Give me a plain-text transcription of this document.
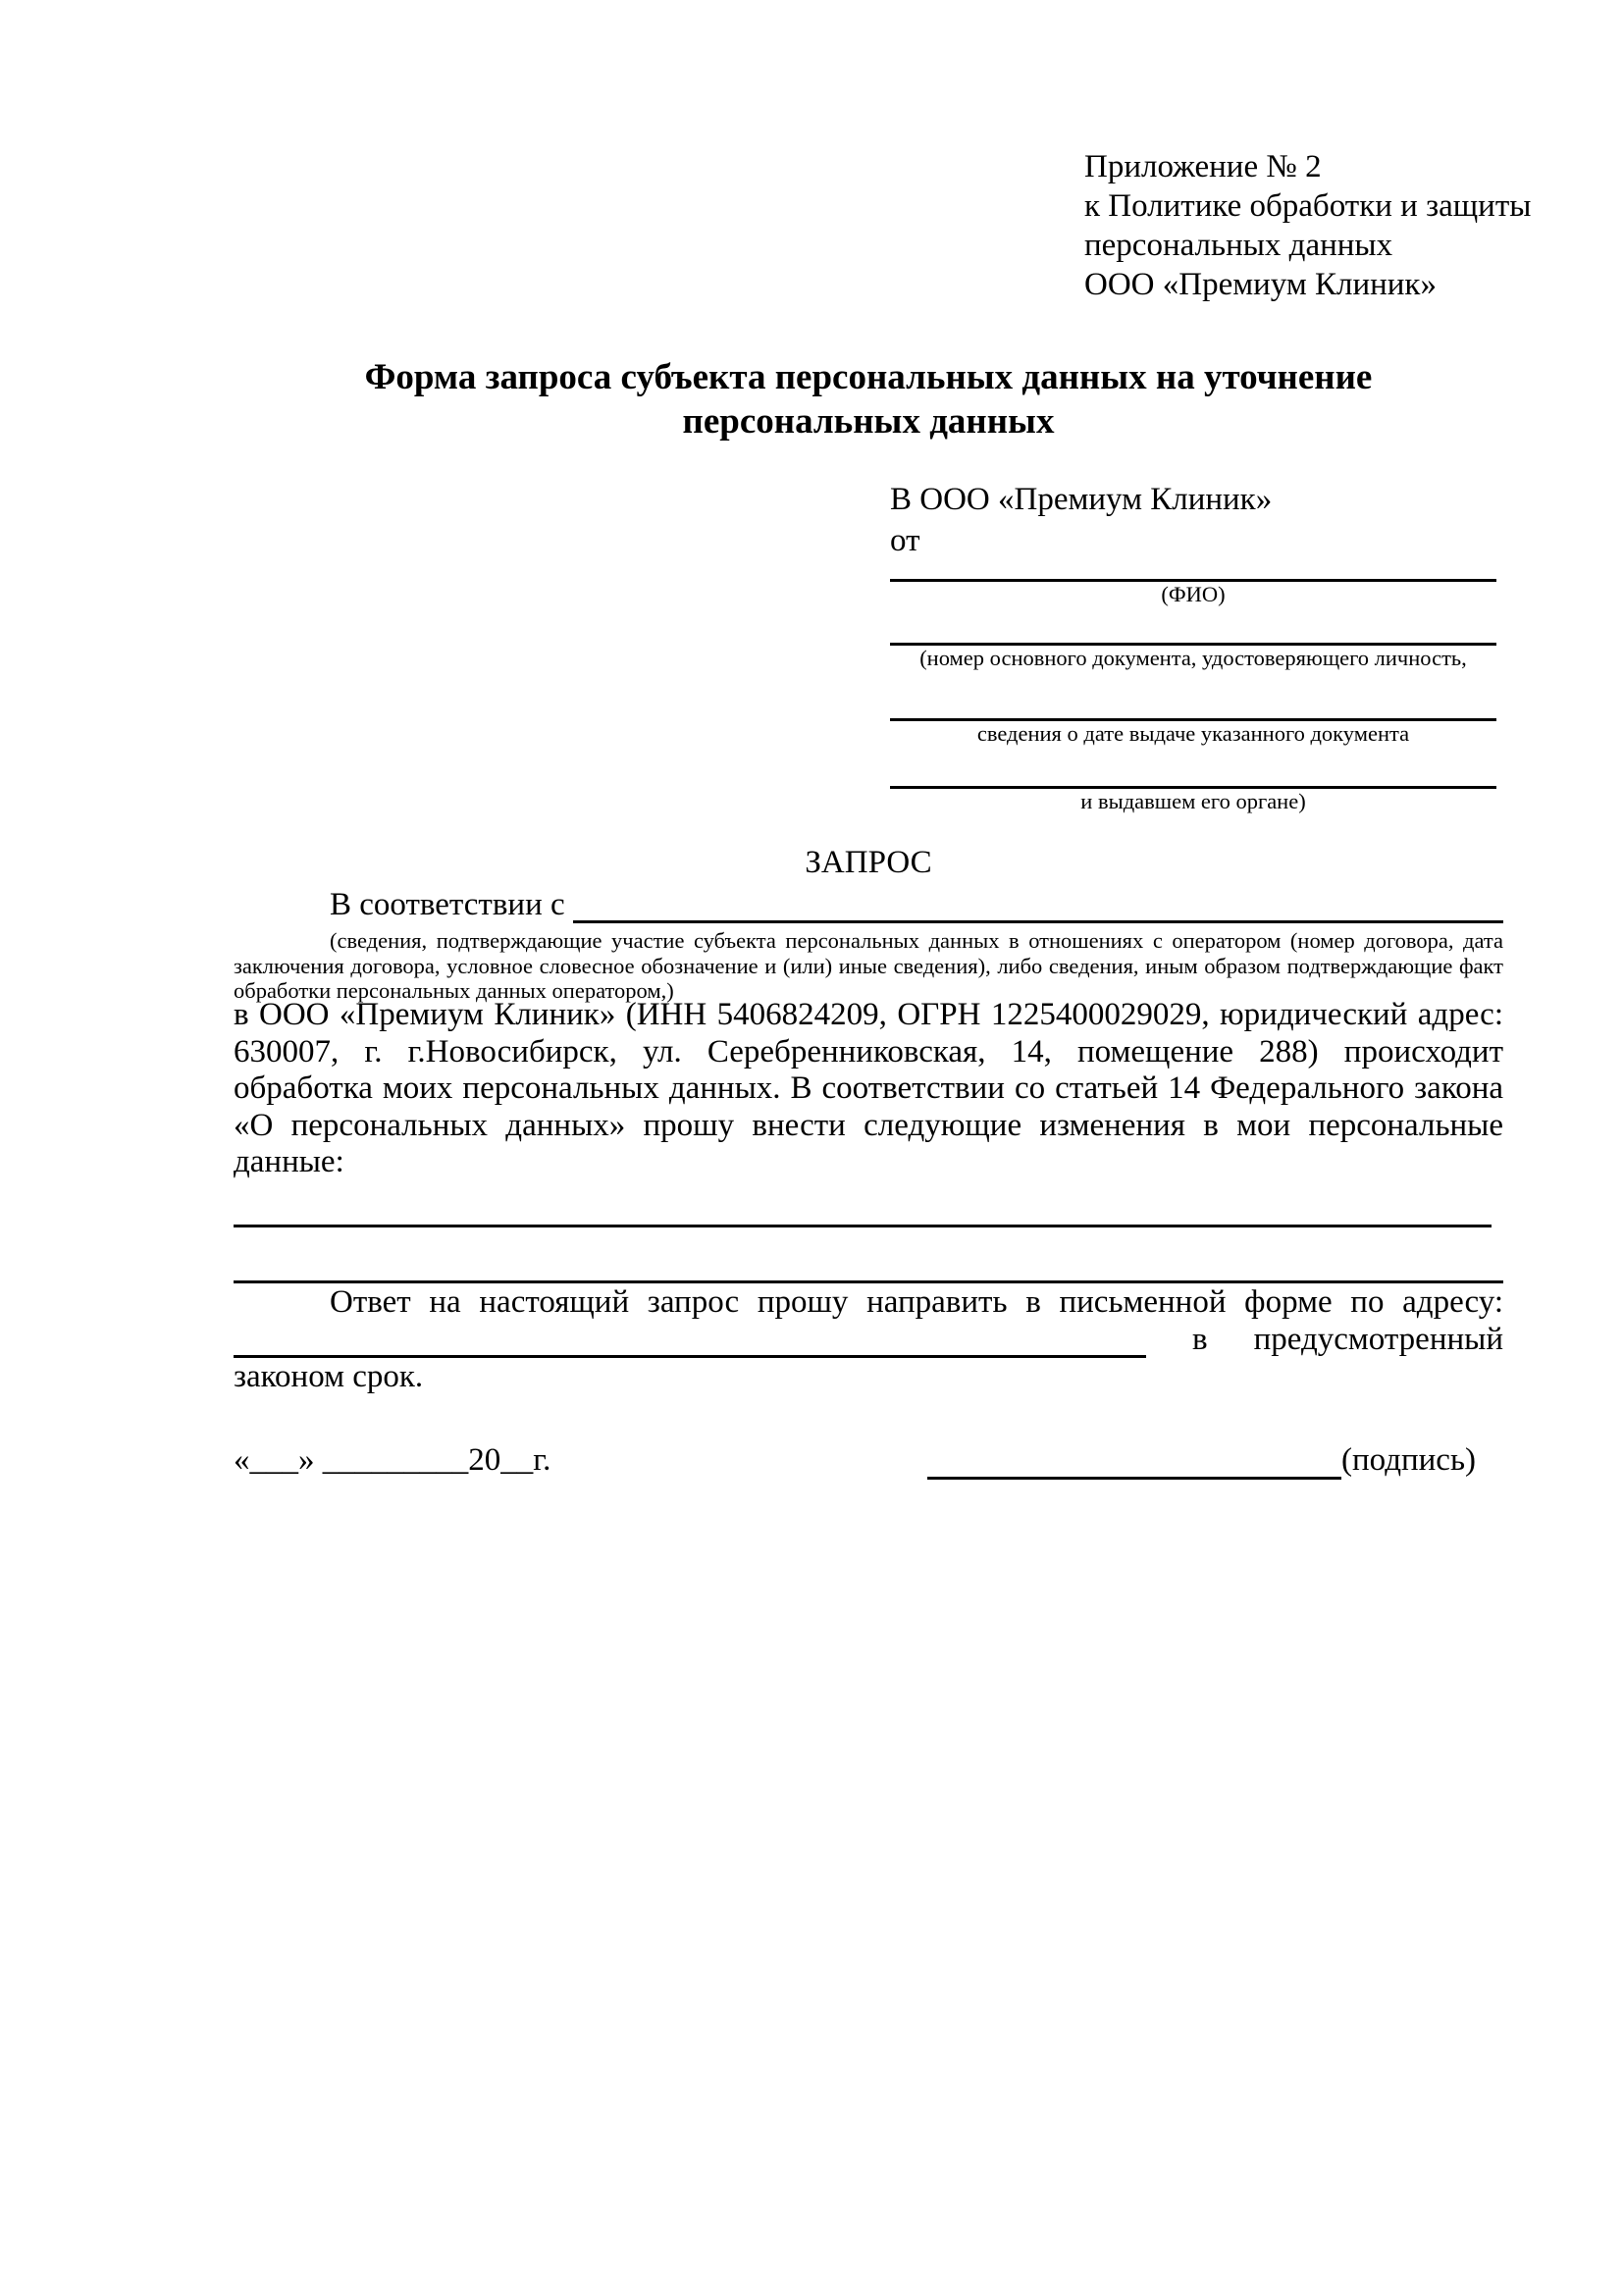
Приложение № 2
к Политике обработки и защиты
персональных данных
ООО «Премиум Клиник»
Форма запроса субъекта персональных данных на уточнение
персональных данных
В ООО «Премиум Клиник»
от
(ФИО)
(номер основного документа, удостоверяющего личность,
сведения о дате выдаче указанного документа
и выдавшем его органе)
ЗАПРОС
В соответствии с
(сведения, подтверждающие участие субъекта персональных данных в отношениях с оператором (номер договора, дата
заключения договора, условное словесное обозначение и (или) иные сведения), либо сведения, иным образом подтверждающие факт
обработки персональных данных оператором,)
в ООО «Премиум Клиник» (ИНН 5406824209, ОГРН 1225400029029, юридический адрес:
630007, г. г.Новосибирск, ул. Серебренниковская, 14, помещение 288) происходит
обработка моих персональных данных. В соответствии со статьей 14 Федерального закона
«О персональных данных» прошу внести следующие изменения в мои персональные
данные:
Ответ на настоящий запрос прошу направить в письменной форме по адресу:
в предусмотренный
законом срок.
«___» _________20__г.	(подпись)
